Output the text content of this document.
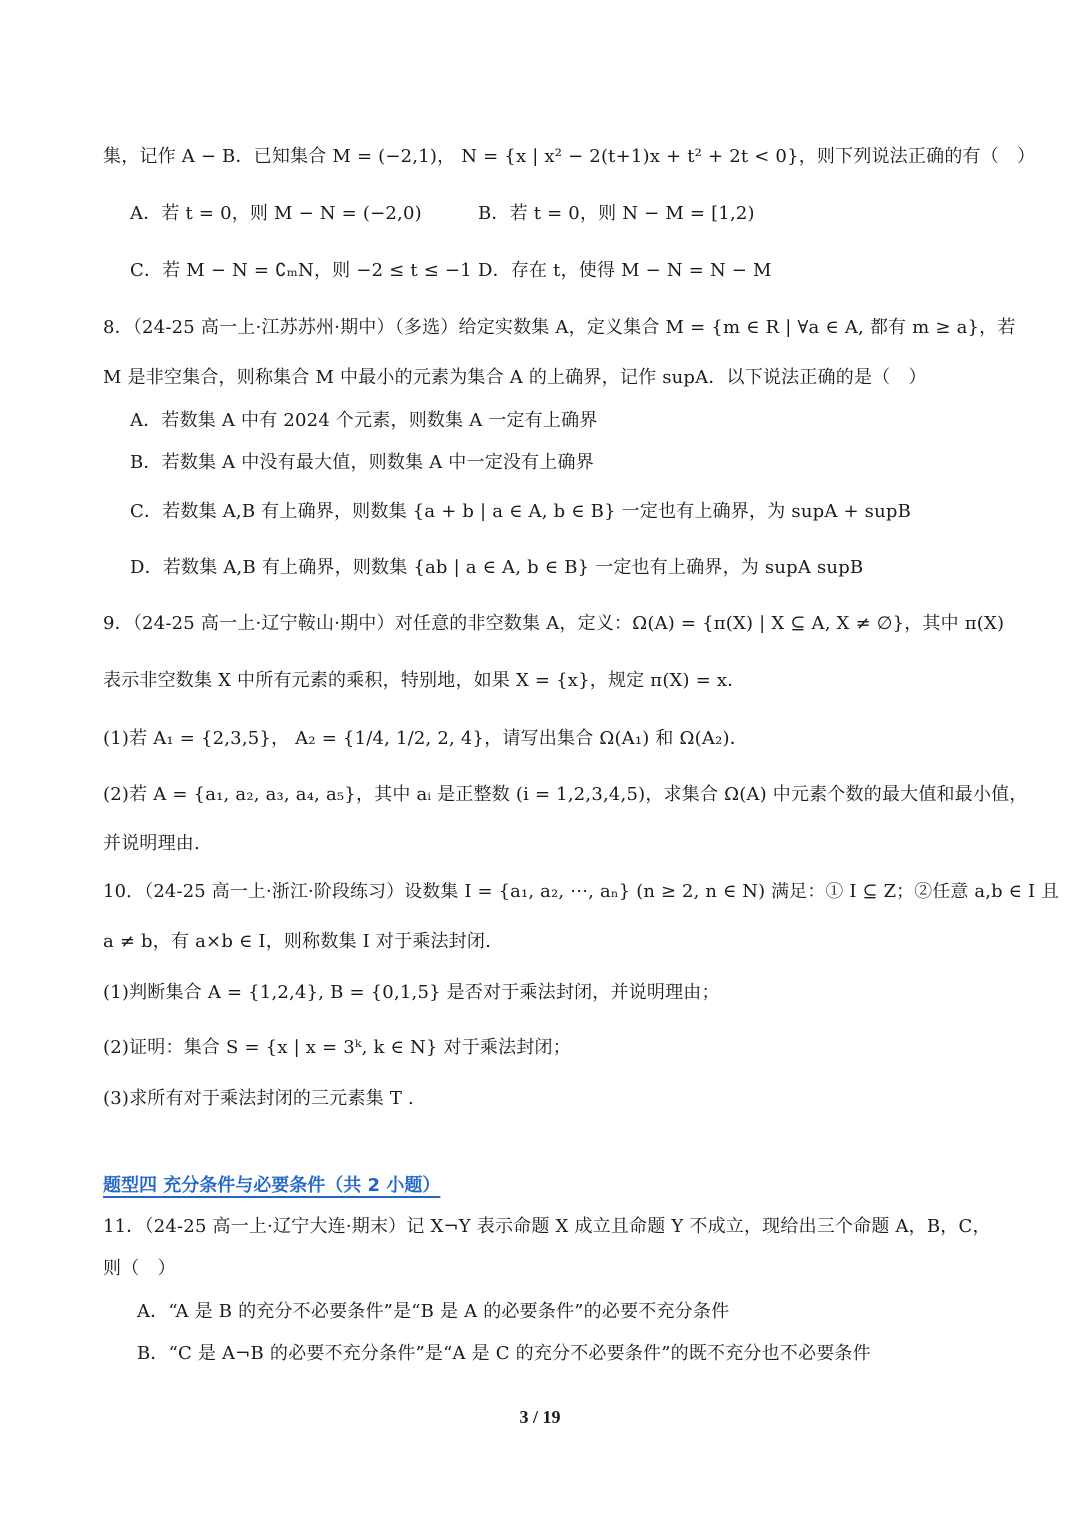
集，记作 A − B．已知集合 M = (−2,1)， N = {x | x² − 2(t+1)x + t² + 2t < 0}，则下列说法正确的有（　）
A．若 t = 0，则 M − N = (−2,0)	B．若 t = 0，则 N − M = [1,2)
C．若 M − N = ∁ₘN，则 −2 ≤ t ≤ −1 D．存在 t，使得 M − N = N − M
8．（24-25 高一上·江苏苏州·期中）（多选）给定实数集 A，定义集合 M = {m ∈ R | ∀a ∈ A, 都有 m ≥ a}，若
M 是非空集合，则称集合 M 中最小的元素为集合 A 的上确界，记作 supA．以下说法正确的是（　）
A．若数集 A 中有 2024 个元素，则数集 A 一定有上确界
B．若数集 A 中没有最大值，则数集 A 中一定没有上确界
C．若数集 A,B 有上确界，则数集 {a + b | a ∈ A, b ∈ B} 一定也有上确界，为 supA + supB
D．若数集 A,B 有上确界，则数集 {ab | a ∈ A, b ∈ B} 一定也有上确界，为 supA supB
9．（24-25 高一上·辽宁鞍山·期中）对任意的非空数集 A，定义：Ω(A) = {π(X) | X ⊆ A, X ≠ ∅}，其中 π(X)
表示非空数集 X 中所有元素的乘积，特别地，如果 X = {x}，规定 π(X) = x．
(1)若 A₁ = {2,3,5}， A₂ = {1/4, 1/2, 2, 4}，请写出集合 Ω(A₁) 和 Ω(A₂)．
(2)若 A = {a₁, a₂, a₃, a₄, a₅}，其中 aᵢ 是正整数 (i = 1,2,3,4,5)，求集合 Ω(A) 中元素个数的最大值和最小值，
并说明理由.
10．（24-25 高一上·浙江·阶段练习）设数集 I = {a₁, a₂, ⋯, aₙ} (n ≥ 2, n ∈ N) 满足：① I ⊆ Z；②任意 a,b ∈ I 且
a ≠ b，有 a×b ∈ I，则称数集 I 对于乘法封闭.
(1)判断集合 A = {1,2,4}, B = {0,1,5} 是否对于乘法封闭，并说明理由；
(2)证明：集合 S = {x | x = 3ᵏ, k ∈ N} 对于乘法封闭；
(3)求所有对于乘法封闭的三元素集 T .
题型四 充分条件与必要条件（共 2 小题）
11．（24-25 高一上·辽宁大连·期末）记 X¬Y 表示命题 X 成立且命题 Y 不成立，现给出三个命题 A，B，C，
则（　）
A．“A 是 B 的充分不必要条件”是“B 是 A 的必要条件”的必要不充分条件
B．“C 是 A¬B 的必要不充分条件”是“A 是 C 的充分不必要条件”的既不充分也不必要条件
3 / 19
